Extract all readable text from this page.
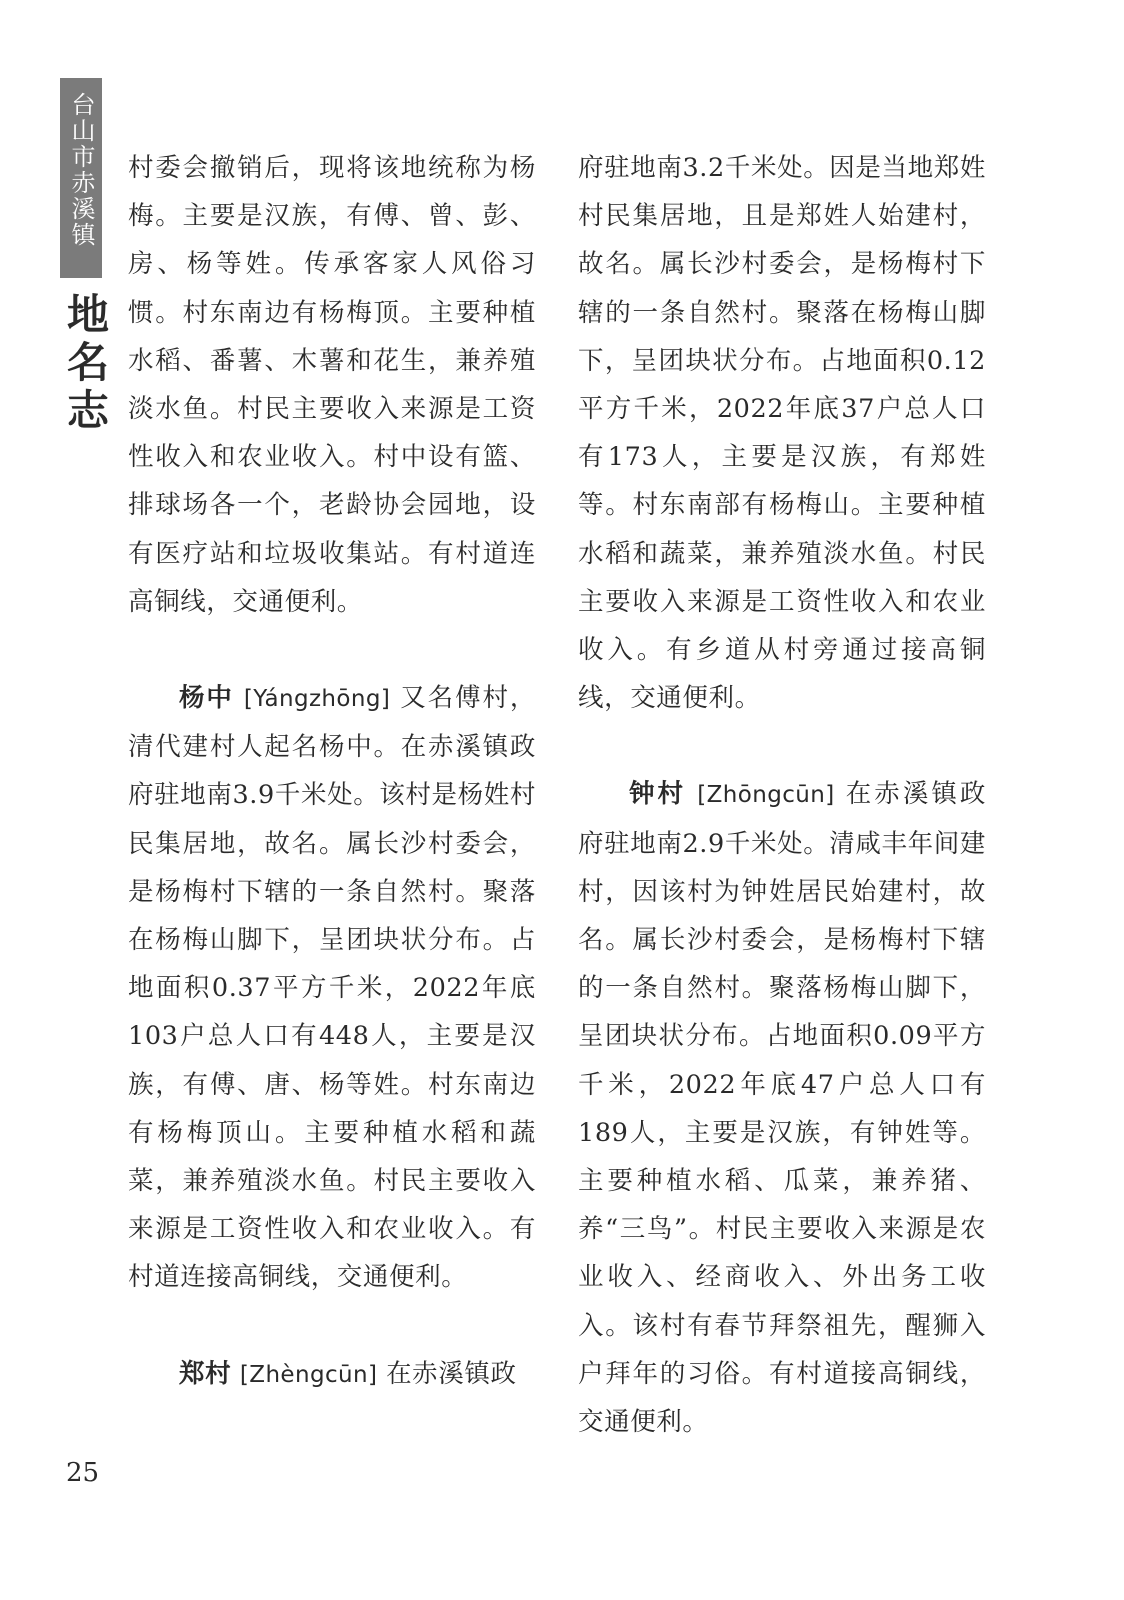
台山市赤溪镇
地名志

村委会撤销后，现将该地统称为杨梅。主要是汉族，有傅、曾、彭、房、杨等姓。传承客家人风俗习惯。村东南边有杨梅顶。主要种植水稻、番薯、木薯和花生，兼养殖淡水鱼。村民主要收入来源是工资性收入和农业收入。村中设有篮、排球场各一个，老龄协会园地，设有医疗站和垃圾收集站。有村道连高铜线，交通便利。

杨中 [Yángzhōng] 又名傅村，清代建村人起名杨中。在赤溪镇政府驻地南3.9千米处。该村是杨姓村民集居地，故名。属长沙村委会，是杨梅村下辖的一条自然村。聚落在杨梅山脚下，呈团块状分布。占地面积0.37平方千米，2022年底103户总人口有448人，主要是汉族，有傅、唐、杨等姓。村东南边有杨梅顶山。主要种植水稻和蔬菜，兼养殖淡水鱼。村民主要收入来源是工资性收入和农业收入。有村道连接高铜线，交通便利。

郑村 [Zhèngcūn] 在赤溪镇政

府驻地南3.2千米处。因是当地郑姓村民集居地，且是郑姓人始建村，故名。属长沙村委会，是杨梅村下辖的一条自然村。聚落在杨梅山脚下，呈团块状分布。占地面积0.12平方千米，2022年底37户总人口有173人，主要是汉族，有郑姓等。村东南部有杨梅山。主要种植水稻和蔬菜，兼养殖淡水鱼。村民主要收入来源是工资性收入和农业收入。有乡道从村旁通过接高铜线，交通便利。

钟村 [Zhōngcūn] 在赤溪镇政府驻地南2.9千米处。清咸丰年间建村，因该村为钟姓居民始建村，故名。属长沙村委会，是杨梅村下辖的一条自然村。聚落杨梅山脚下，呈团块状分布。占地面积0.09平方千米，2022年底47户总人口有189人，主要是汉族，有钟姓等。主要种植水稻、瓜菜，兼养猪、养“三鸟”。村民主要收入来源是农业收入、经商收入、外出务工收入。该村有春节拜祭祖先，醒狮入户拜年的习俗。有村道接高铜线，交通便利。

25
